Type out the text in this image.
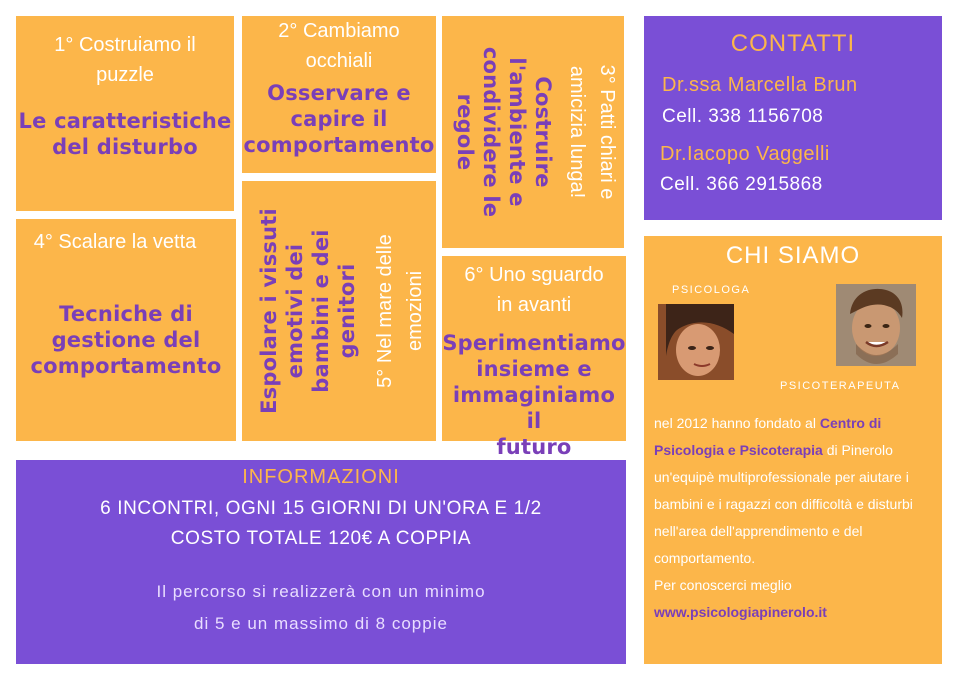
1° Costruiamo il
puzzle
Le caratteristiche
del disturbo
2° Cambiamo
occhiali
Osservare e
capire il
comportamento	3° Patti chiari e
amicizia lunga!
Costruire
l'ambiente e
condividere le
regole
4° Scalare la vetta
Tecniche di
gestione del
comportamento	5° Nel mare delle emozioni
Espolare i vissuti emotivi dei bambini e dei genitori	6° Uno sguardo
in avanti
Sperimentiamo
insieme e
immaginiamo il
futuro
CONTATTI
Dr.ssa Marcella Brun
Cell. 338 1156708
Dr.Iacopo Vaggelli
Cell. 366 2915868
CHI SIAMO
PSICOLOGA
PSICOTERAPEUTA
nel 2012 hanno fondato al Centro di Psicologia e Psicoterapia di Pinerolo un'equipè multiprofessionale per aiutare i bambini e i ragazzi con difficoltà e disturbi nell'area dell'apprendimento e del comportamento.
Per conoscerci meglio
www.psicologiapinerolo.it
INFORMAZIONI
6 INCONTRI, OGNI 15 GIORNI DI UN'ORA E 1/2
COSTO TOTALE 120€ A COPPIA
Il percorso si realizzerà con un minimo
di 5 e un massimo di 8 coppie
